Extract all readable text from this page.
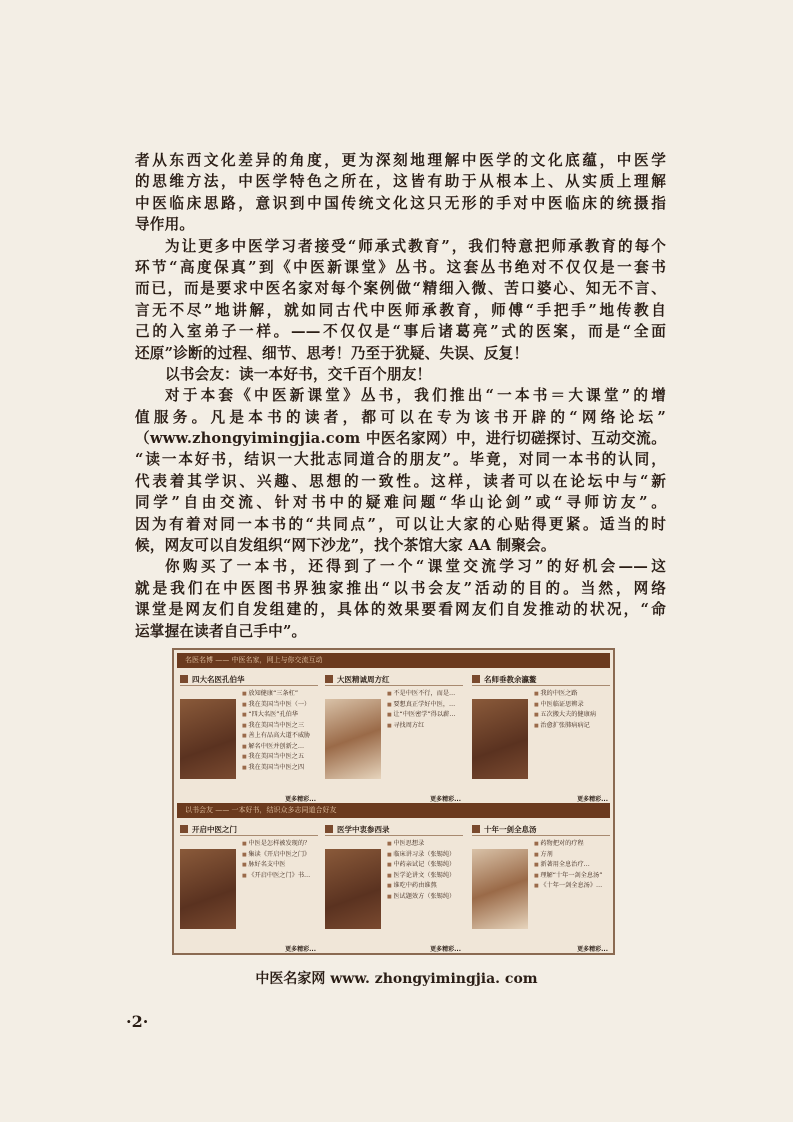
者从东西文化差异的角度，更为深刻地理解中医学的文化底蕴，中医学
的思维方法，中医学特色之所在，这皆有助于从根本上、从实质上理解
中医临床思路，意识到中国传统文化这只无形的手对中医临床的统摄指
导作用。
为让更多中医学习者接受“师承式教育”，我们特意把师承教育的每个
环节“高度保真”到《中医新课堂》丛书。这套丛书绝对不仅仅是一套书
而已，而是要求中医名家对每个案例做“精细入微、苦口婆心、知无不言、
言无不尽”地讲解，就如同古代中医师承教育，师傅“手把手”地传教自
己的入室弟子一样。——不仅仅是“事后诸葛亮”式的医案，而是“全面
还原”诊断的过程、细节、思考！乃至于犹疑、失误、反复！
以书会友：读一本好书，交千百个朋友！
对于本套《中医新课堂》丛书，我们推出“一本书＝大课堂”的增
值服务。凡是本书的读者，都可以在专为该书开辟的“网络论坛”
（www.zhongyimingjia.com 中医名家网）中，进行切磋探讨、互动交流。
“读一本好书，结识一大批志同道合的朋友”。毕竟，对同一本书的认同，
代表着其学识、兴趣、思想的一致性。这样，读者可以在论坛中与“新
同学”自由交流、针对书中的疑难问题“华山论剑”或“寻师访友”。
因为有着对同一本书的“共同点”，可以让大家的心贴得更紧。适当的时
候，网友可以自发组织“网下沙龙”，找个茶馆大家 AA 制聚会。
你购买了一本书，还得到了一个“课堂交流学习”的好机会——这
就是我们在中医图书界独家推出“以书会友”活动的目的。当然，网络
课堂是网友们自发组建的，具体的效果要看网友们自发推动的状况，“命
运掌握在读者自己手中”。
名医名博 —— 中医名家，网上与你交流互动
四大名医孔伯华
■ 放知健康“三条杠”
■ 我在美国当中医（一）
■ “四大名医”孔伯华
■ 我在美国当中医之三
■ 善上有品高大道不威胁
■ 解名中医并创新之…
■ 我在美国当中医之五
■ 我在美国当中医之四
更多精彩...
大医精诚周方红
■ 不是中医不行，而是…
■ 要想真正学好中医，…
■ 让“中医密学”得以薪…
■ 寻找周方红
更多精彩...
名师垂教余瀛鳌
■ 我的中医之路
■ 中医临证思辨录
■ 五次搬大夫的健康病
■ 治愈扩张肺病病记
更多精彩...
以书会友 —— 一本好书，结识众多志同道合好友
开启中医之门
■ 中医是怎样被发现的？
■ 集读《开启中医之门》
■ 脉好名支中医
■ 《开启中医之门》书…
更多精彩...
医学中衷参西录
■ 中医思想录
■ 临床讲习录（张锡纯）
■ 中药亲试记（张锡纯）
■ 医学论讲文（张锡纯）
■ 谁吃中药由谁熬
■ 医试题效方（张锡纯）
更多精彩...
十年一剑全息汤
■ 药物把对的疗程
■ 方剂
■ 新著用全息治疗…
■ 理解“十年一剑全息汤”
■ 《十年一剑全息汤》…
更多精彩...
中医名家网 www. zhongyimingjia. com
·2·
